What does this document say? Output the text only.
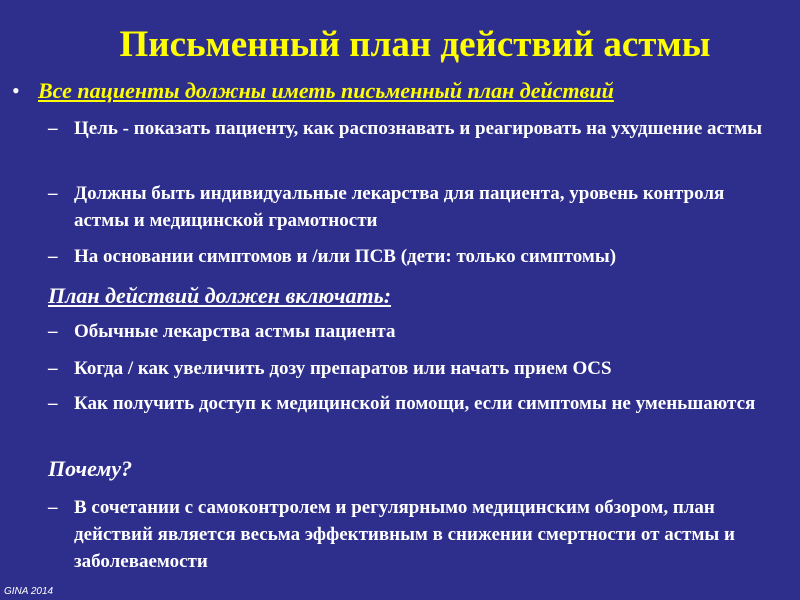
Письменный план действий астмы
• Все пациенты должны иметь письменный план действий
– Цель - показать пациенту, как распознавать и реагировать на ухудшение астмы
– Должны быть индивидуальные лекарства для пациента, уровень контроля астмы и медицинской грамотности
– На основании симптомов и /или ПСВ (дети: только симптомы)
План действий должен включать:
– Обычные лекарства астмы пациента
– Когда / как увеличить дозу препаратов или начать прием OCS
– Как получить доступ к медицинской помощи, если симптомы не уменьшаются
Почему?
– В сочетании с самоконтролем и регулярнымо медицинским обзором, план действий является весьма эффективным в снижении смертности от астмы и заболеваемости
GINA 2014
